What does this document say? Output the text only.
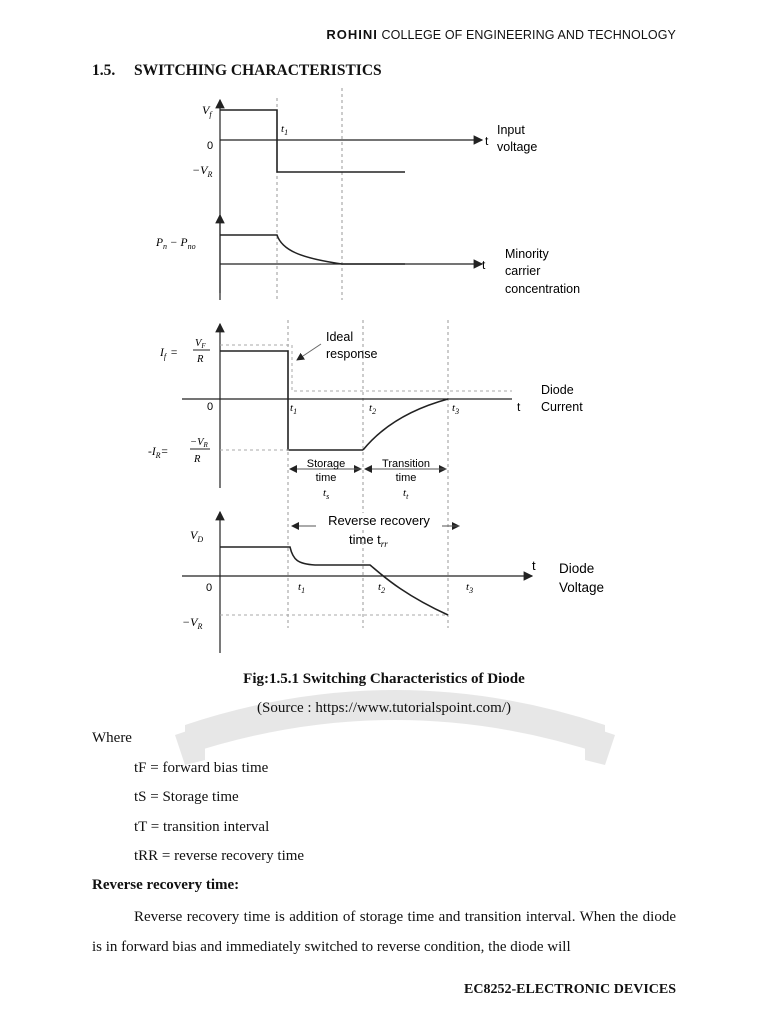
ROHINI COLLEGE OF ENGINEERING AND TECHNOLOGY
1.5. SWITCHING CHARACTERISTICS
$V_f$
0
$-V_R$
$t_1$
t
Input
voltage
$P_n - P_{no}$
t
Minority
carrier
concentration
Ideal
response
$I_f$ =
VF
R
0
$-I_R=$
−VR
R
$t_1$	$t_2$	$t_3$	t
Diode
Current
Storage
time
$t_s$
Transition
time
$t_t$
Reverse recovery
time $t_{rr}$
$V_D$
0
$-V_R$
$t_1$	$t_2$	$t_3$
t Diode
Voltage
Fig:1.5.1 Switching Characteristics of Diode
(Source : https://www.tutorialspoint.com/)
Where
tF = forward bias time
tS = Storage time
tT = transition interval
tRR = reverse recovery time
Reverse recovery time:
Reverse recovery time is addition of storage time and transition interval. When the diode is in forward bias and immediately switched to reverse condition, the diode will
EC8252-ELECTRONIC DEVICES
